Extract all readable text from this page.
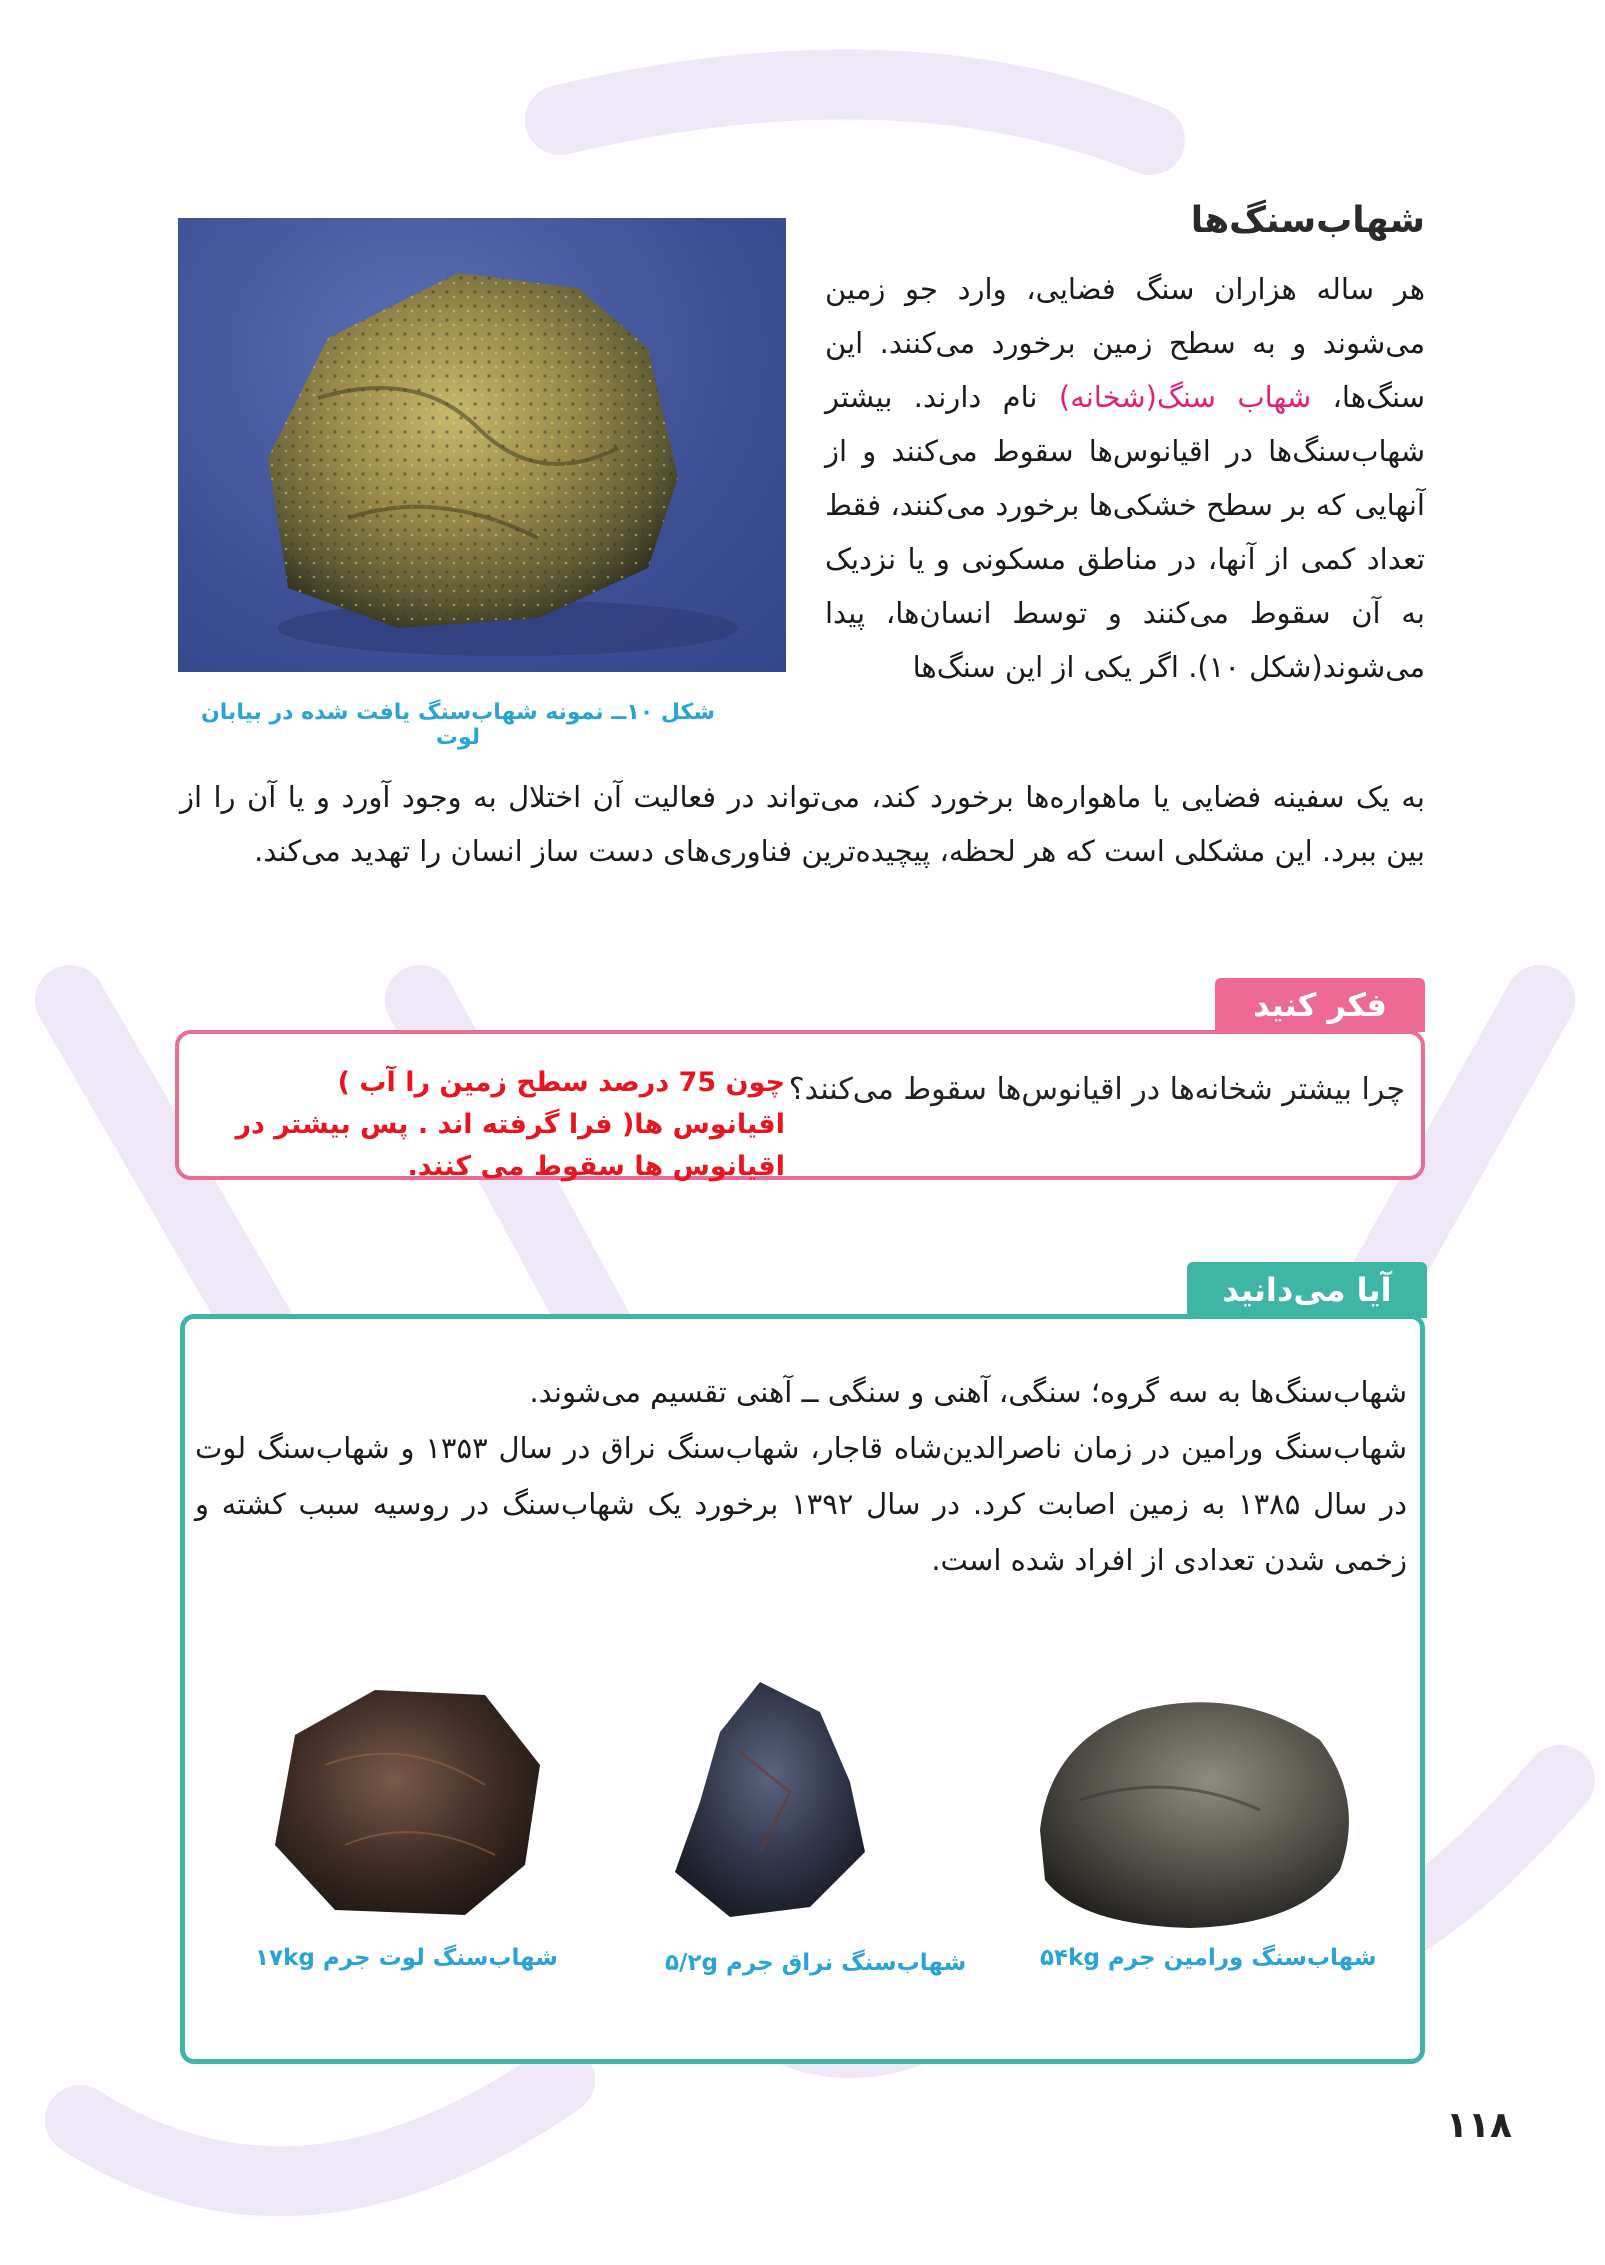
شهاب‌سنگ‌ها
هر ساله هزاران سنگ فضایی، وارد جو زمین می‌شوند و به سطح زمین برخورد می‌کنند. این سنگ‌ها، شهاب سنگ(شخانه) نام دارند. بیشتر شهاب‌سنگ‌ها در اقیانوس‌ها سقوط می‌کنند و از آنهایی که بر سطح خشکی‌ها برخورد می‌کنند، فقط تعداد کمی از آنها، در مناطق مسکونی و یا نزدیک به آن سقوط می‌کنند و توسط انسان‌ها، پیدا می‌شوند(شکل ۱۰). اگر یکی از این سنگ‌ها
به یک سفینه فضایی یا ماهواره‌ها برخورد کند، می‌تواند در فعالیت آن اختلال به وجود آورد و یا آن را از بین ببرد. این مشکلی است که هر لحظه، پیچیده‌ترین فناوری‌های دست ساز انسان را تهدید می‌کند.
شکل ۱۰ــ نمونه شهاب‌سنگ یافت شده در بیابان لوت
فکر کنید
چرا بیشتر شخانه‌ها در اقیانوس‌ها سقوط می‌کنند؟
چون 75 درصد سطح زمین را آب ) اقیانوس ها( فرا گرفته اند . پس بیشتر در اقیانوس ها سقوط می کنند.
آیا می‌دانید
شهاب‌سنگ‌ها به سه گروه؛ سنگی، آهنی و سنگی ــ آهنی تقسیم می‌شوند.
شهاب‌سنگ ورامین در زمان ناصرالدین‌شاه قاجار، شهاب‌سنگ نراق در سال ۱۳۵۳ و شهاب‌سنگ لوت در سال ۱۳۸۵ به زمین اصابت کرد. در سال ۱۳۹۲ برخورد یک شهاب‌سنگ در روسیه سبب کشته و زخمی شدن تعدادی از افراد شده است.
شهاب‌سنگ ورامین جرم ۵۴kg
شهاب‌سنگ نراق جرم ۵/۲g
شهاب‌سنگ لوت جرم ۱۷kg
۱۱۸
